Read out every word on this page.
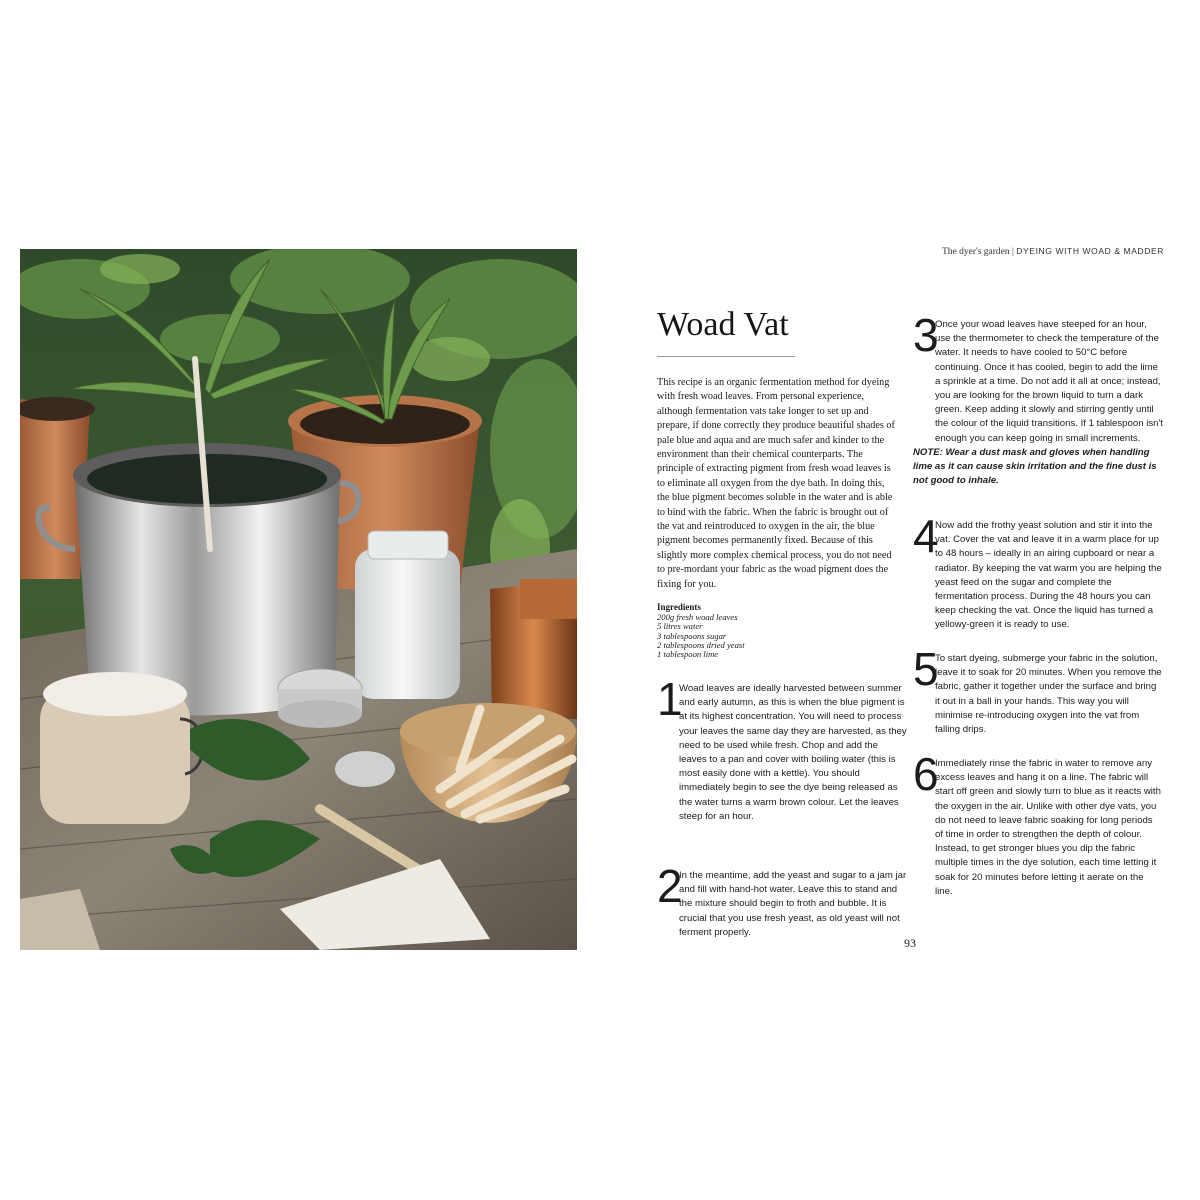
The dyer's garden | DYEING WITH WOAD & MADDER
Woad Vat

This recipe is an organic fermentation method for dyeing with fresh woad leaves. From personal experience, although fermentation vats take longer to set up and prepare, if done correctly they produce beautiful shades of pale blue and aqua and are much safer and kinder to the environment than their chemical counterparts. The principle of extracting pigment from fresh woad leaves is to eliminate all oxygen from the dye bath. In doing this, the blue pigment becomes soluble in the water and is able to bind with the fabric. When the fabric is brought out of the vat and reintroduced to oxygen in the air, the blue pigment becomes permanently fixed. Because of this slightly more complex chemical process, you do not need to pre-mordant your fabric as the woad pigment does the fixing for you.

Ingredients
200g fresh woad leaves
5 litres water
3 tablespoons sugar
2 tablespoons dried yeast
1 tablespoon lime
1

Woad leaves are ideally harvested between summer and early autumn, as this is when the blue pigment is at its highest concentration. You will need to process your leaves the same day they are harvested, as they need to be used while fresh. Chop and add the leaves to a pan and cover with boiling water (this is most easily done with a kettle). You should immediately begin to see the dye being released as the water turns a warm brown colour. Let the leaves steep for an hour.

2

In the meantime, add the yeast and sugar to a jam jar and fill with hand-hot water. Leave this to stand and the mixture should begin to froth and bubble. It is crucial that you use fresh yeast, as old yeast will not ferment properly.

3

Once your woad leaves have steeped for an hour, use the thermometer to check the temperature of the water. It needs to have cooled to 50°C before continuing. Once it has cooled, begin to add the lime a sprinkle at a time. Do not add it all at once; instead, you are looking for the brown liquid to turn a dark green. Keep adding it slowly and stirring gently until the colour of the liquid transitions. If 1 tablespoon isn't enough you can keep going in small increments.

NOTE: Wear a dust mask and gloves when handling lime as it can cause skin irritation and the fine dust is not good to inhale.

4

Now add the frothy yeast solution and stir it into the vat. Cover the vat and leave it in a warm place for up to 48 hours – ideally in an airing cupboard or near a radiator. By keeping the vat warm you are helping the yeast feed on the sugar and complete the fermentation process. During the 48 hours you can keep checking the vat. Once the liquid has turned a yellowy-green it is ready to use.

5

To start dyeing, submerge your fabric in the solution, leave it to soak for 20 minutes. When you remove the fabric, gather it together under the surface and bring it out in a ball in your hands. This way you will minimise re-introducing oxygen into the vat from falling drips.

6

Immediately rinse the fabric in water to remove any excess leaves and hang it on a line. The fabric will start off green and slowly turn to blue as it reacts with the oxygen in the air. Unlike with other dye vats, you do not need to leave fabric soaking for long periods of time in order to strengthen the depth of colour. Instead, to get stronger blues you dip the fabric multiple times in the dye solution, each time letting it soak for 20 minutes before letting it aerate on the line.

93
